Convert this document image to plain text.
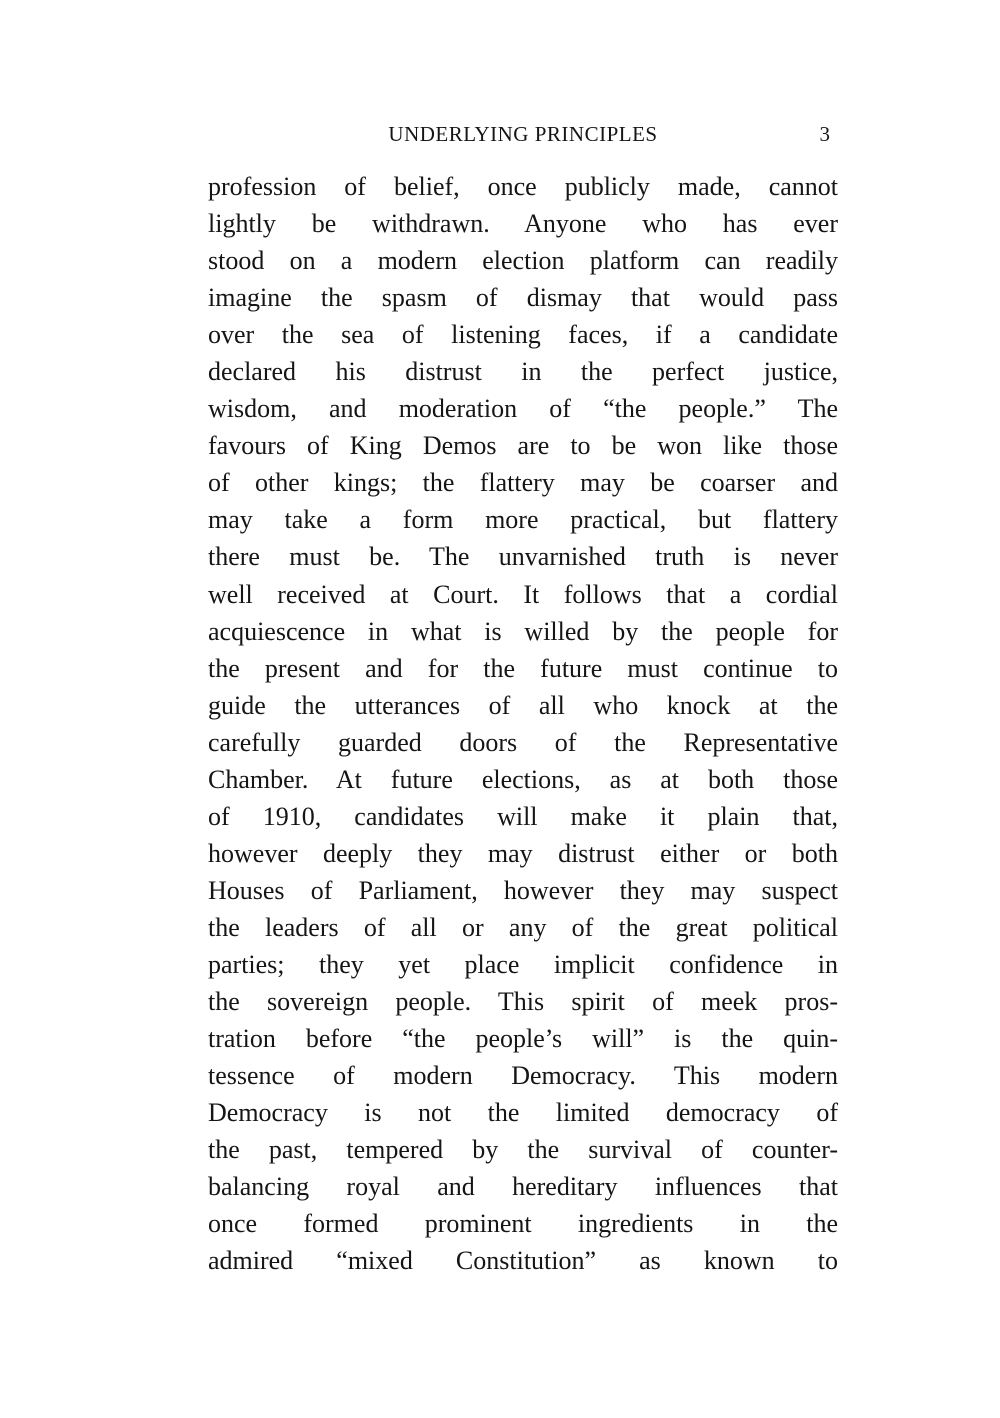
UNDERLYING PRINCIPLES	3
profession of belief, once publicly made, cannot
lightly be withdrawn. Anyone who has ever
stood on a modern election platform can readily
imagine the spasm of dismay that would pass
over the sea of listening faces, if a candidate
declared his distrust in the perfect justice,
wisdom, and moderation of “the people.” The
favours of King Demos are to be won like those
of other kings; the flattery may be coarser and
may take a form more practical, but flattery
there must be. The unvarnished truth is never
well received at Court. It follows that a cordial
acquiescence in what is willed by the people for
the present and for the future must continue to
guide the utterances of all who knock at the
carefully guarded doors of the Representative
Chamber. At future elections, as at both those
of 1910, candidates will make it plain that,
however deeply they may distrust either or both
Houses of Parliament, however they may suspect
the leaders of all or any of the great political
parties; they yet place implicit confidence in
the sovereign people. This spirit of meek pros-
tration before “the people’s will” is the quin-
tessence of modern Democracy. This modern
Democracy is not the limited democracy of
the past, tempered by the survival of counter-
balancing royal and hereditary influences that
once formed prominent ingredients in the
admired “mixed Constitution” as known to
